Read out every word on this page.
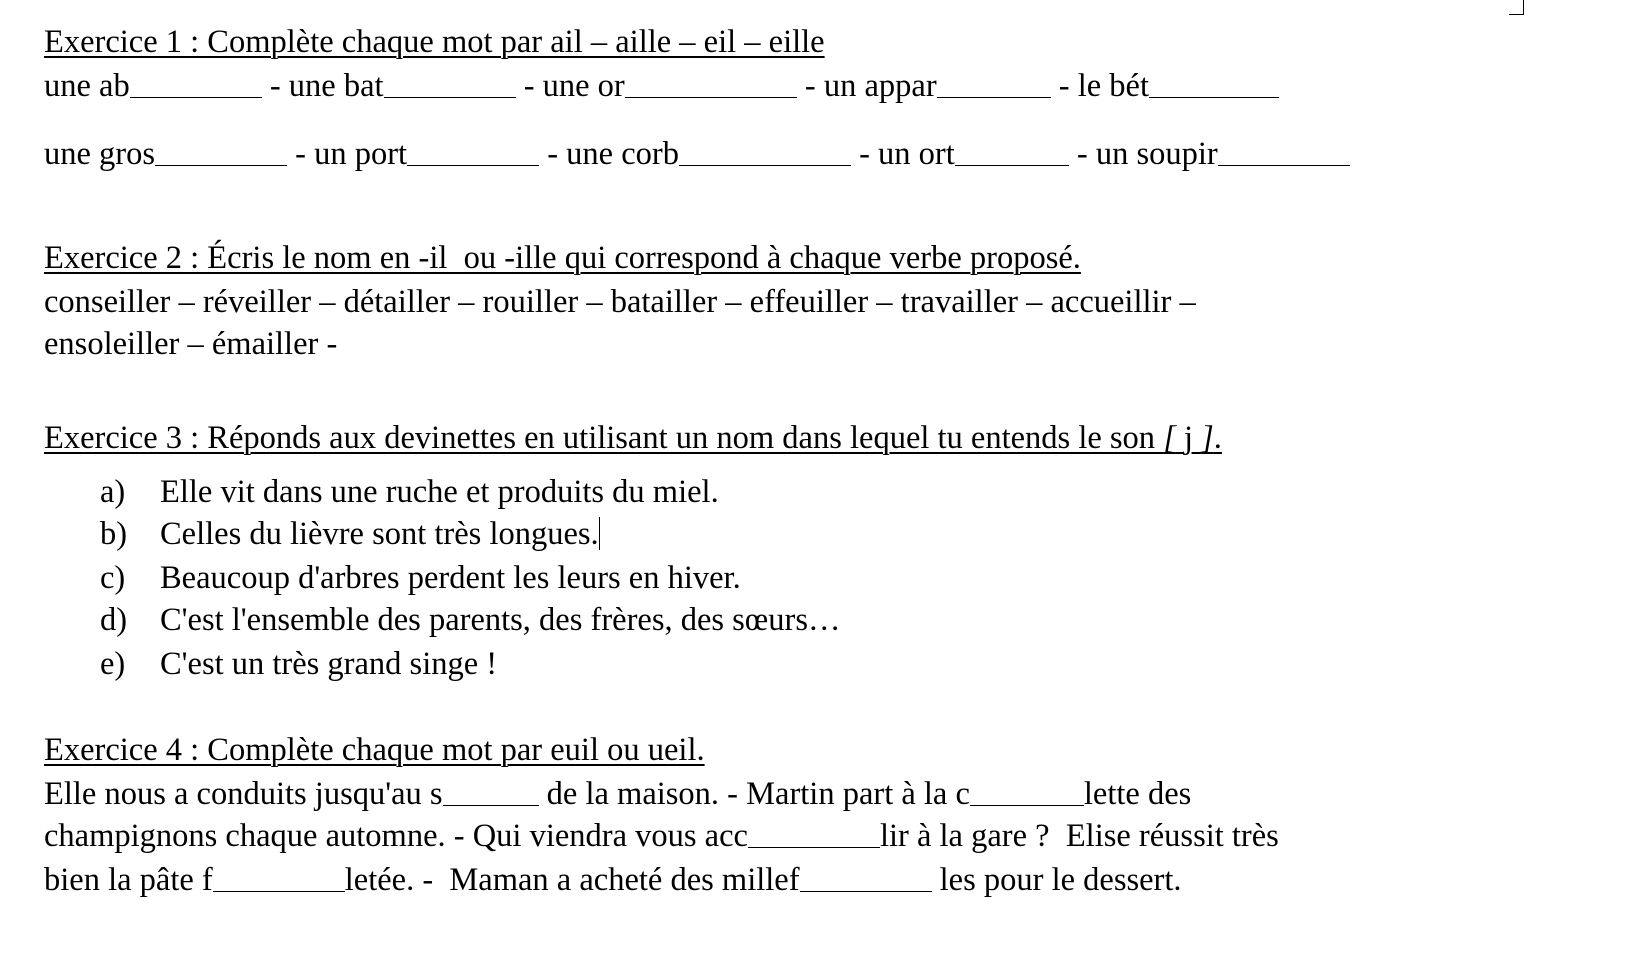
Exercice 1 : Complète chaque mot par ail – aille – eil – eille
une ab	- une bat	- une or	- un appar	- le bét
une gros	- un port	- une corb	- un ort	- un soupir
Exercice 2 : Écris le nom en -il  ou -ille qui correspond à chaque verbe proposé.
conseiller – réveiller – détailler – rouiller – batailler – effeuiller – travailler – accueillir –
ensoleiller – émailler -
Exercice 3 : Réponds aux devinettes en utilisant un nom dans lequel tu entends le son [ j ].
a) Elle vit dans une ruche et produits du miel.
b) Celles du lièvre sont très longues.
c) Beaucoup d'arbres perdent les leurs en hiver.
d) C'est l'ensemble des parents, des frères, des sœurs…
e) C'est un très grand singe !
Exercice 4 : Complète chaque mot par euil ou ueil.
Elle nous a conduits jusqu'au s	de la maison. - Martin part à la c	lette des
champignons chaque automne. - Qui viendra vous acc	lir à la gare ?  Elise réussit très
bien la pâte f	letée. -  Maman a acheté des millef	les pour le dessert.
